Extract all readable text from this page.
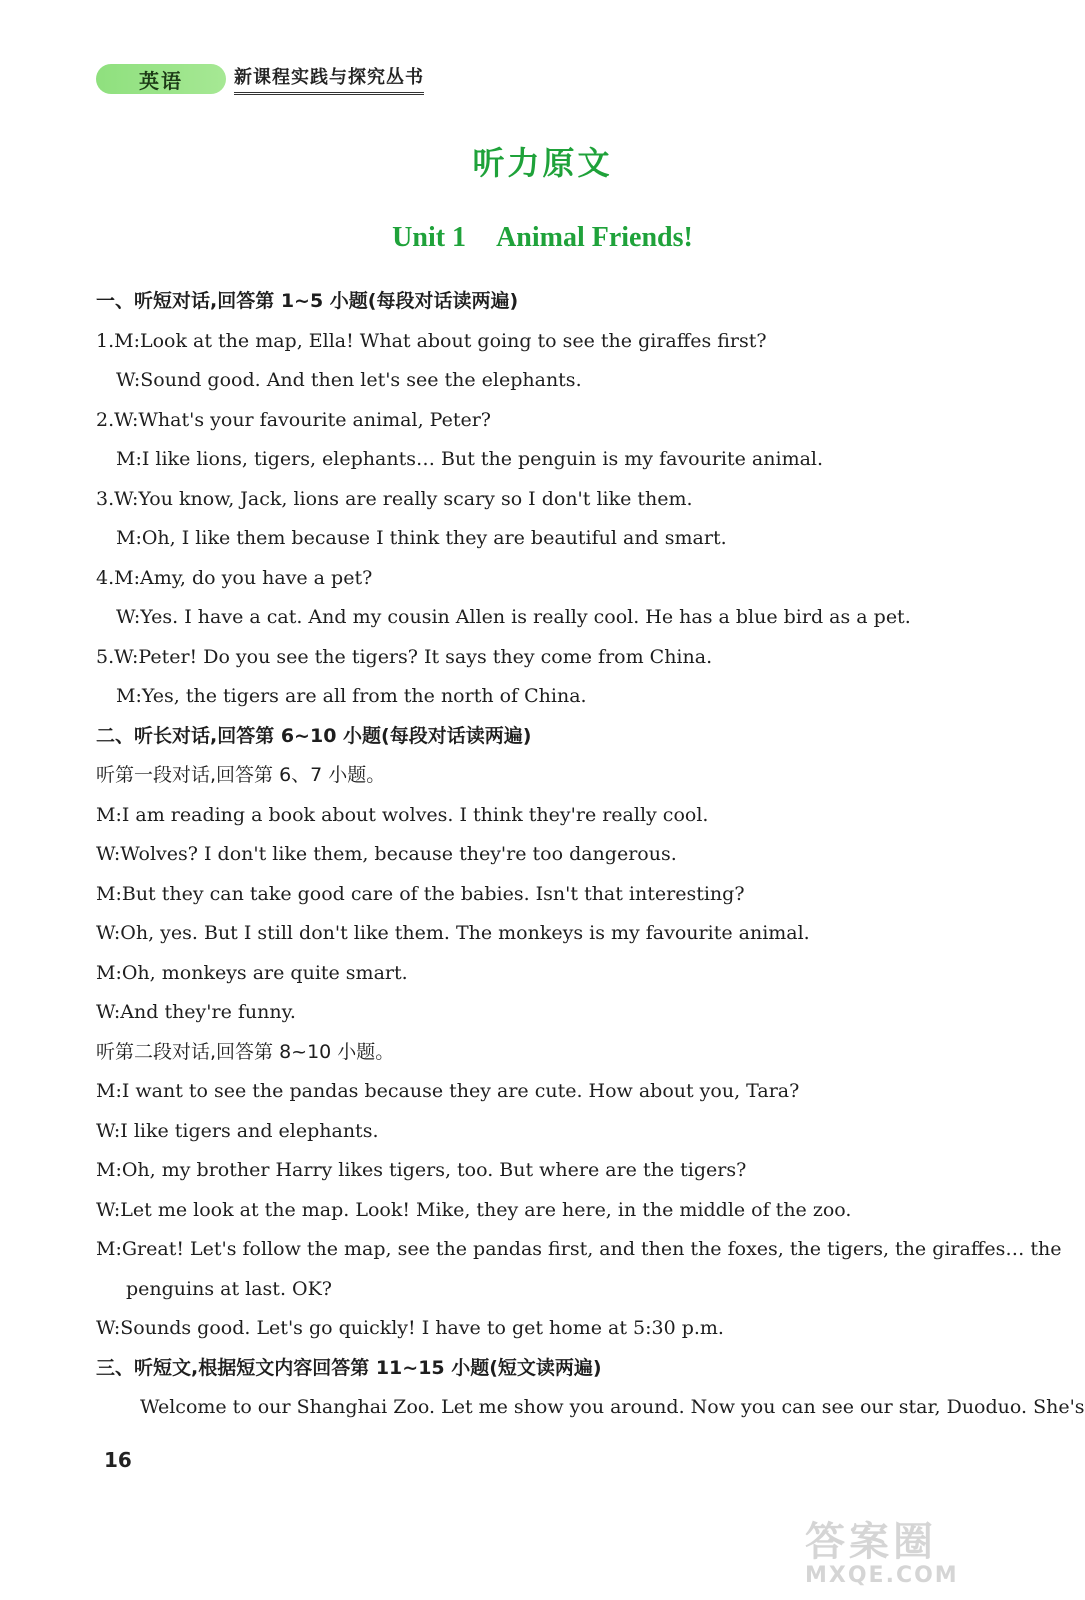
英语	新课程实践与探究丛书
听力原文
Unit 1 Animal Friends!
一、听短对话,回答第 1~5 小题(每段对话读两遍)
1.M:Look at the map, Ella! What about going to see the giraffes first?
W:Sound good. And then let's see the elephants.
2.W:What's your favourite animal, Peter?
M:I like lions, tigers, elephants… But the penguin is my favourite animal.
3.W:You know, Jack, lions are really scary so I don't like them.
M:Oh, I like them because I think they are beautiful and smart.
4.M:Amy, do you have a pet?
W:Yes. I have a cat. And my cousin Allen is really cool. He has a blue bird as a pet.
5.W:Peter! Do you see the tigers? It says they come from China.
M:Yes, the tigers are all from the north of China.
二、听长对话,回答第 6~10 小题(每段对话读两遍)
听第一段对话,回答第 6、7 小题。
M:I am reading a book about wolves. I think they're really cool.
W:Wolves? I don't like them, because they're too dangerous.
M:But they can take good care of the babies. Isn't that interesting?
W:Oh, yes. But I still don't like them. The monkeys is my favourite animal.
M:Oh, monkeys are quite smart.
W:And they're funny.
听第二段对话,回答第 8~10 小题。
M:I want to see the pandas because they are cute. How about you, Tara?
W:I like tigers and elephants.
M:Oh, my brother Harry likes tigers, too. But where are the tigers?
W:Let me look at the map. Look! Mike, they are here, in the middle of the zoo.
M:Great! Let's follow the map, see the pandas first, and then the foxes, the tigers, the giraffes… the
penguins at last. OK?
W:Sounds good. Let's go quickly! I have to get home at 5:30 p.m.
三、听短文,根据短文内容回答第 11~15 小题(短文读两遍)
Welcome to our Shanghai Zoo. Let me show you around. Now you can see our star, Duoduo. She's
16
答案圈
MXQE.COM
